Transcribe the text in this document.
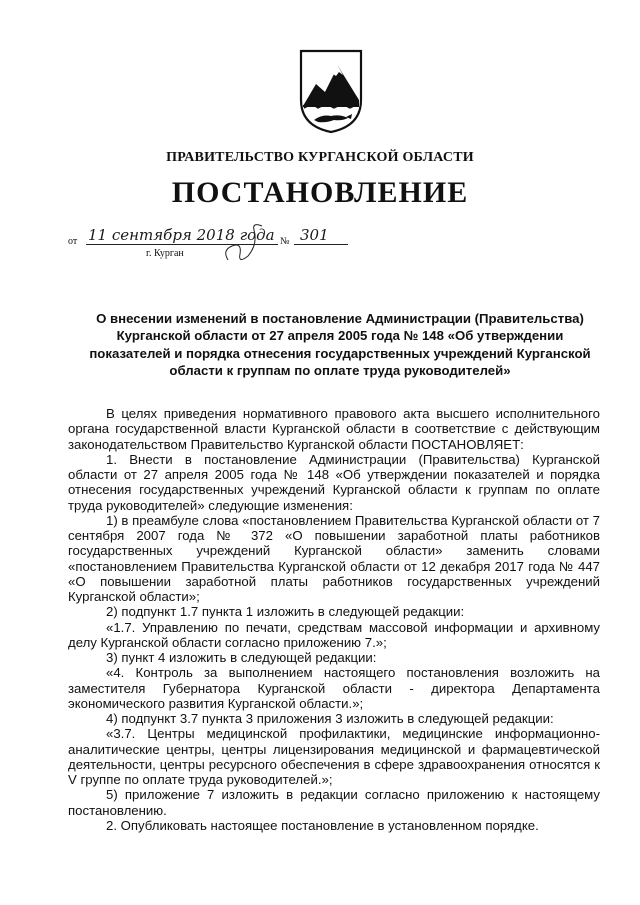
ПРАВИТЕЛЬСТВО КУРГАНСКОЙ ОБЛАСТИ
ПОСТАНОВЛЕНИЕ
от 11 сентября 2018 года № 301
г. Курган
О внесении изменений в постановление Администрации (Правительства) Курганской области от 27 апреля 2005 года № 148 «Об утверждении показателей и порядка отнесения государственных учреждений Курганской области к группам по оплате труда руководителей»

В целях приведения нормативного правового акта высшего исполнительного органа государственной власти Курганской области в соответствие с действующим законодательством Правительство Курганской области ПОСТАНОВЛЯЕТ:

1. Внести в постановление Администрации (Правительства) Курганской области от 27 апреля 2005 года № 148 «Об утверждении показателей и порядка отнесения государственных учреждений Курганской области к группам по оплате труда руководителей» следующие изменения:

1) в преамбуле слова «постановлением Правительства Курганской области от 7 сентября 2007 года № 372 «О повышении заработной платы работников государственных учреждений Курганской области» заменить словами «постановлением Правительства Курганской области от 12 декабря 2017 года № 447 «О повышении заработной платы работников государственных учреждений Курганской области»;

2) подпункт 1.7 пункта 1 изложить в следующей редакции:

«1.7. Управлению по печати, средствам массовой информации и архивному делу Курганской области согласно приложению 7.»;

3) пункт 4 изложить в следующей редакции:

«4. Контроль за выполнением настоящего постановления возложить на заместителя Губернатора Курганской области - директора Департамента экономического развития Курганской области.»;

4) подпункт 3.7 пункта 3 приложения 3 изложить в следующей редакции:

«3.7. Центры медицинской профилактики, медицинские информационно-аналитические центры, центры лицензирования медицинской и фармацевтической деятельности, центры ресурсного обеспечения в сфере здравоохранения относятся к V группе по оплате труда руководителей.»;

5) приложение 7 изложить в редакции согласно приложению к настоящему постановлению.

2. Опубликовать настоящее постановление в установленном порядке.
